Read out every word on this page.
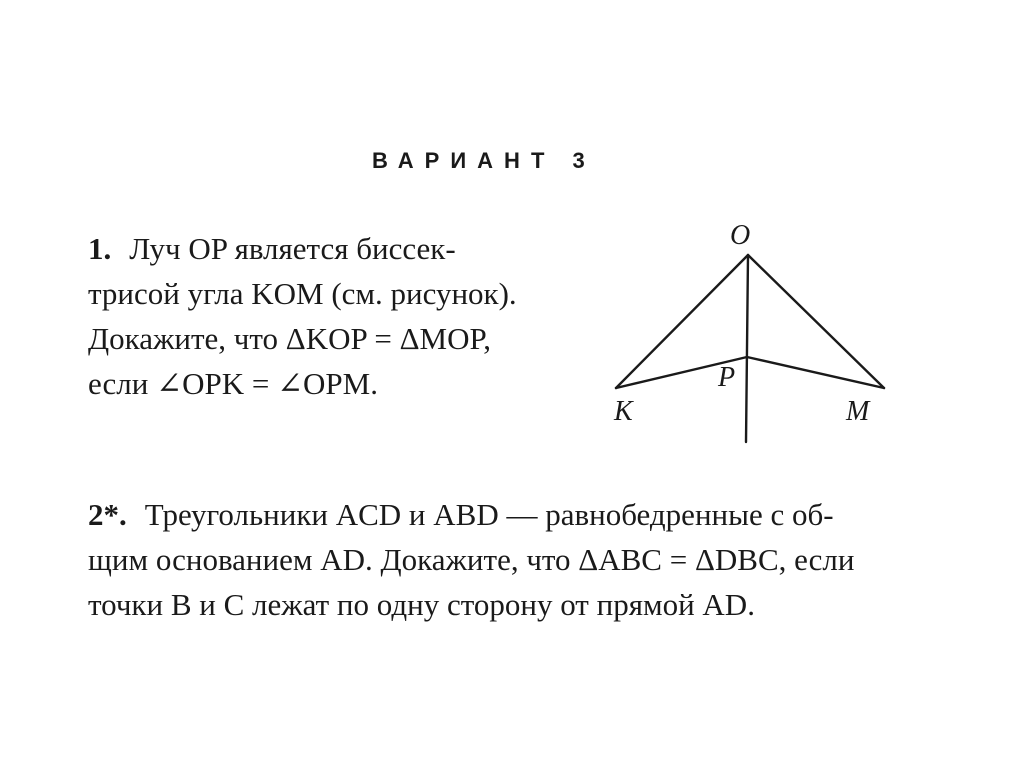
ВАРИАНТ 3
1. Луч OP является биссек-
трисой угла KOM (см. рисунок).
Докажите, что ΔKOP = ΔMOP,
если ∠OPK = ∠OPM.
O
P
K	M
2*. Треугольники ACD и ABD — равнобедренные с об-
щим основанием AD. Докажите, что ΔABC = ΔDBC, если
точки B и C лежат по одну сторону от прямой AD.
